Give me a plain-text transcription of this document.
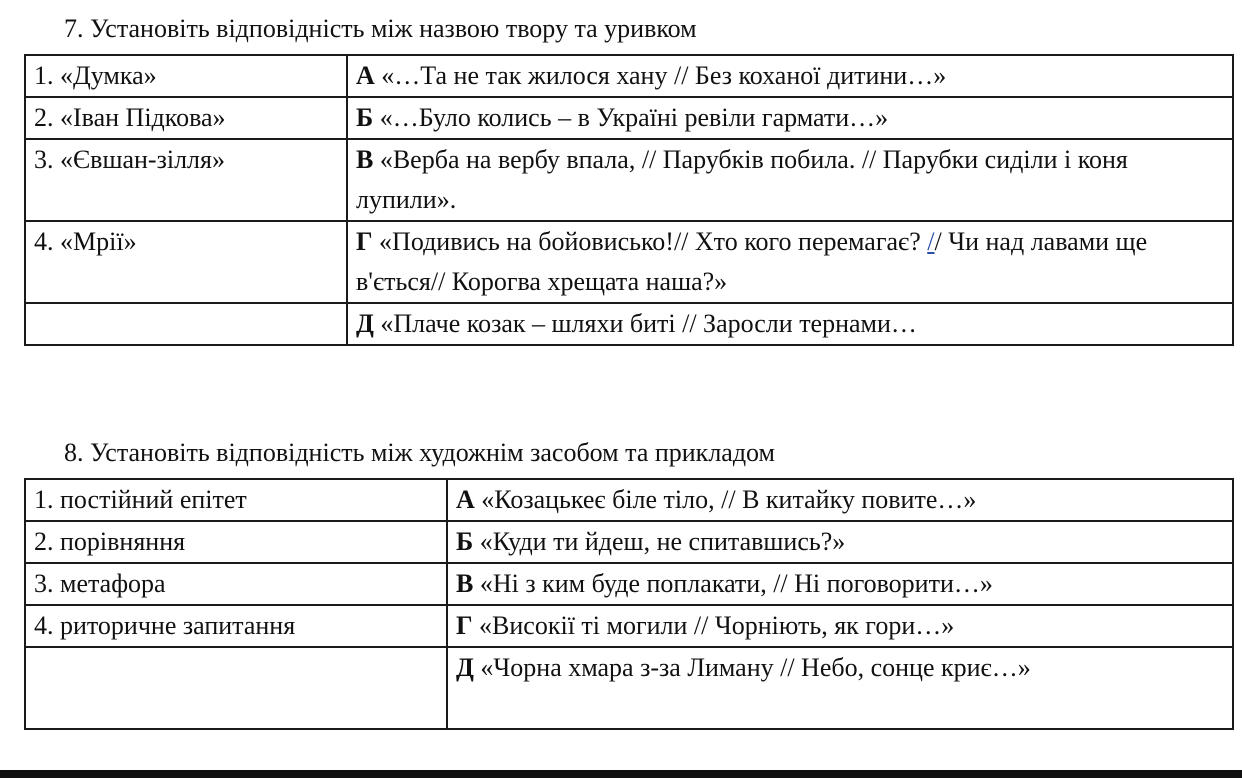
7. Установіть відповідність між назвою твору та уривком
1. «Думка»	А «…Та не так жилося хану // Без коханої дитини…»
2. «Іван Підкова»	Б «…Було колись – в Україні ревіли гармати…»
3. «Євшан-зілля»	В «Верба на вербу впала, // Парубків побила. // Парубки сиділи і коня лупили».
4. «Мрії»	Г «Подивись на бойовисько!// Хто кого перемагає? // Чи над лавами ще в'ється// Корогва хрещата наша?»
	Д «Плаче козак – шляхи биті // Заросли тернами…
8. Установіть відповідність між художнім засобом та прикладом
1. постійний епітет	А «Козацькеє біле тіло, // В китайку повите…»
2. порівняння	Б «Куди ти йдеш, не спитавшись?»
3. метафора	В «Ні з ким буде поплакати, // Ні поговорити…»
4. риторичне запитання	Г «Високії ті могили // Чорніють, як гори…»
	Д «Чорна хмара з-за Лиману // Небо, сонце криє…»
